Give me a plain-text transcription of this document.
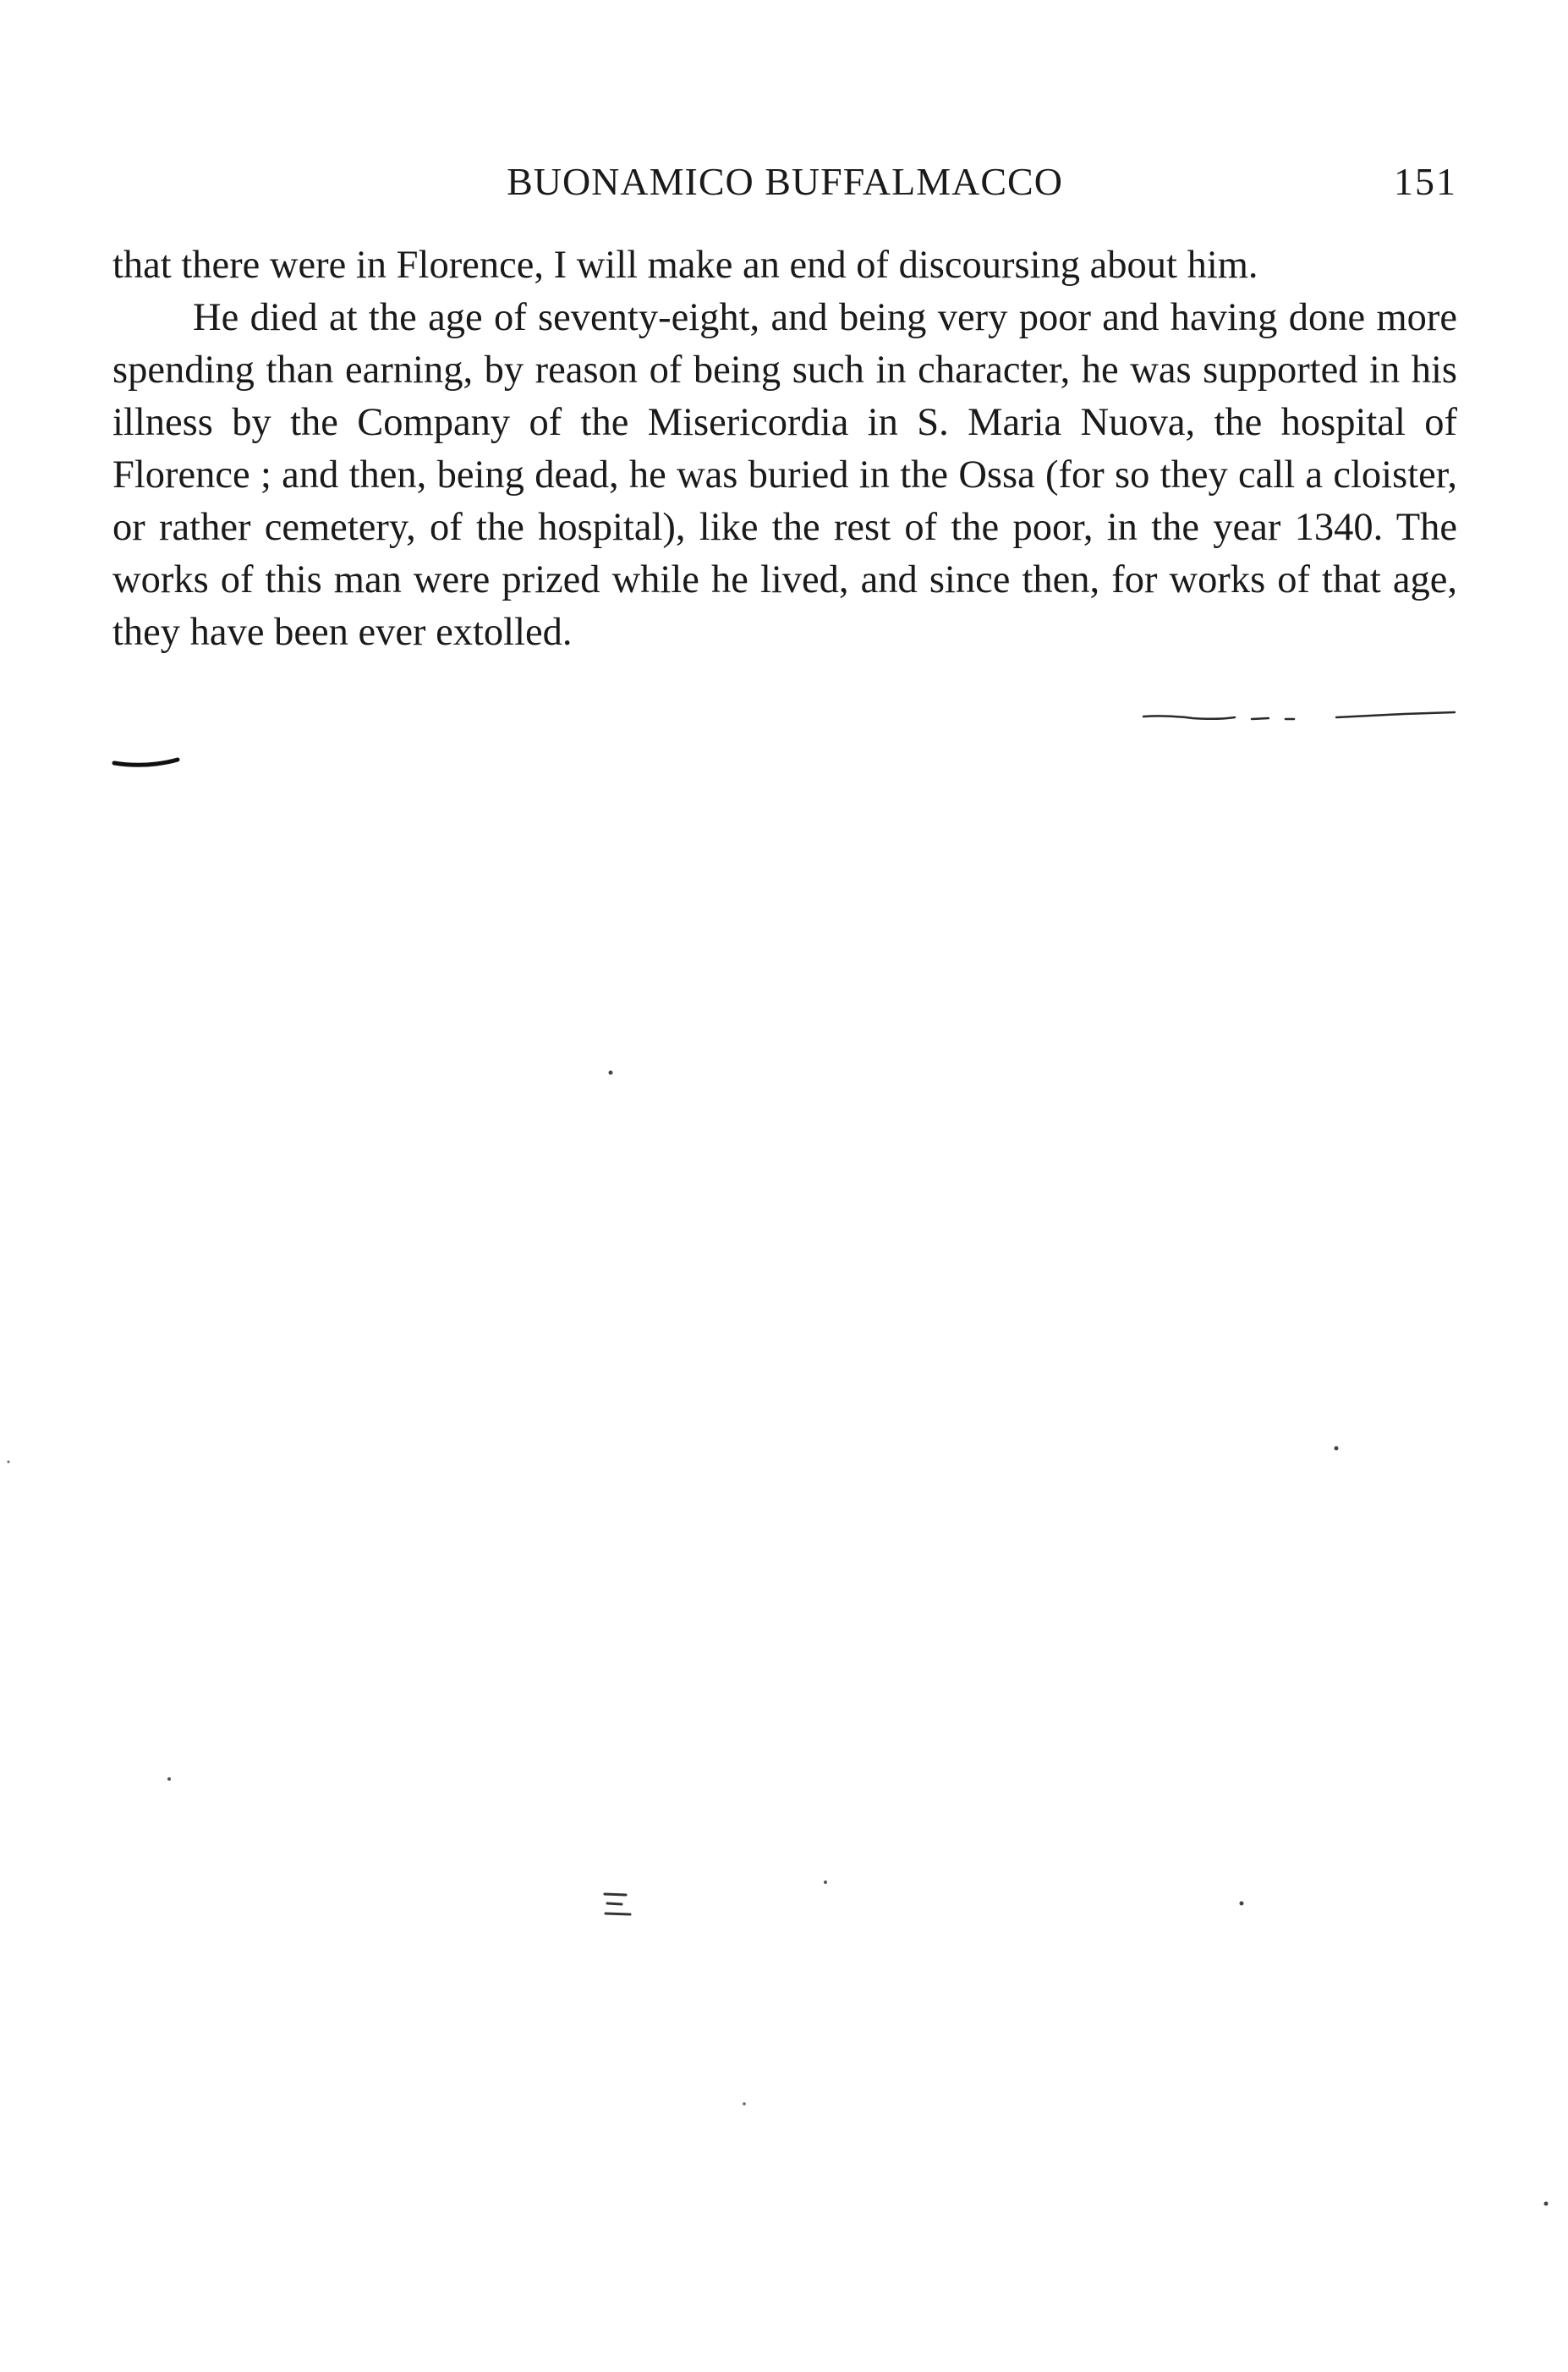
BUONAMICO BUFFALMACCO	151

that there were in Florence, I will make an end of discoursing about him.

He died at the age of seventy-eight, and being very poor and having done more spending than earning, by reason of being such in character, he was supported in his illness by the Company of the Misericordia in S. Maria Nuova, the hospital of Florence ; and then, being dead, he was buried in the Ossa (for so they call a cloister, or rather cemetery, of the hospital), like the rest of the poor, in the year 1340. The works of this man were prized while he lived, and since then, for works of that age, they have been ever extolled.
